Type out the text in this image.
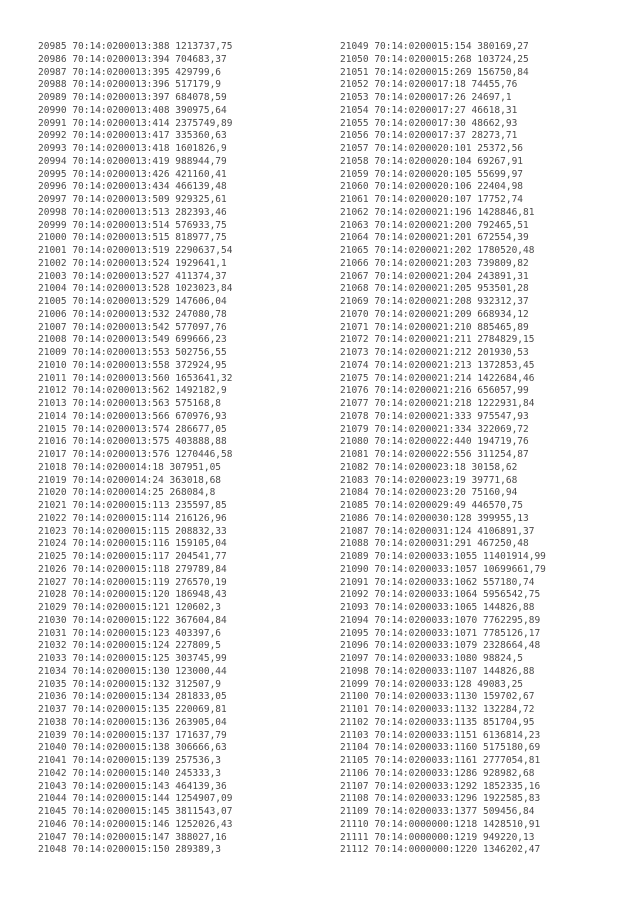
20985 70:14:0200013:388 1213737,75
20986 70:14:0200013:394 704683,37
20987 70:14:0200013:395 429799,6
20988 70:14:0200013:396 517179,9
20989 70:14:0200013:397 684078,59
20990 70:14:0200013:408 390975,64
20991 70:14:0200013:414 2375749,89
20992 70:14:0200013:417 335360,63
20993 70:14:0200013:418 1601826,9
20994 70:14:0200013:419 988944,79
20995 70:14:0200013:426 421160,41
20996 70:14:0200013:434 466139,48
20997 70:14:0200013:509 929325,61
20998 70:14:0200013:513 282393,46
20999 70:14:0200013:514 576933,75
21000 70:14:0200013:515 818977,75
21001 70:14:0200013:519 2290637,54
21002 70:14:0200013:524 1929641,1
21003 70:14:0200013:527 411374,37
21004 70:14:0200013:528 1023023,84
21005 70:14:0200013:529 147606,04
21006 70:14:0200013:532 247080,78
21007 70:14:0200013:542 577097,76
21008 70:14:0200013:549 699666,23
21009 70:14:0200013:553 502756,55
21010 70:14:0200013:558 372924,95
21011 70:14:0200013:560 1653641,32
21012 70:14:0200013:562 1492182,9
21013 70:14:0200013:563 575168,8
21014 70:14:0200013:566 670976,93
21015 70:14:0200013:574 286677,05
21016 70:14:0200013:575 403888,88
21017 70:14:0200013:576 1270446,58
21018 70:14:0200014:18 307951,05
21019 70:14:0200014:24 363018,68
21020 70:14:0200014:25 268084,8
21021 70:14:0200015:113 235597,85
21022 70:14:0200015:114 216126,96
21023 70:14:0200015:115 208832,33
21024 70:14:0200015:116 159105,04
21025 70:14:0200015:117 204541,77
21026 70:14:0200015:118 279789,84
21027 70:14:0200015:119 276570,19
21028 70:14:0200015:120 186948,43
21029 70:14:0200015:121 120602,3
21030 70:14:0200015:122 367604,84
21031 70:14:0200015:123 403397,6
21032 70:14:0200015:124 227809,5
21033 70:14:0200015:125 303745,99
21034 70:14:0200015:130 123000,44
21035 70:14:0200015:132 312507,9
21036 70:14:0200015:134 281833,05
21037 70:14:0200015:135 220069,81
21038 70:14:0200015:136 263905,04
21039 70:14:0200015:137 171637,79
21040 70:14:0200015:138 306666,63
21041 70:14:0200015:139 257536,3
21042 70:14:0200015:140 245333,3
21043 70:14:0200015:143 464139,36
21044 70:14:0200015:144 1254907,09
21045 70:14:0200015:145 3811543,07
21046 70:14:0200015:146 1252026,43
21047 70:14:0200015:147 388027,16
21048 70:14:0200015:150 289389,3
21049 70:14:0200015:154 380169,27
21050 70:14:0200015:268 103724,25
21051 70:14:0200015:269 156750,84
21052 70:14:0200017:18 74455,76
21053 70:14:0200017:26 24697,1
21054 70:14:0200017:27 46618,31
21055 70:14:0200017:30 48662,93
21056 70:14:0200017:37 28273,71
21057 70:14:0200020:101 25372,56
21058 70:14:0200020:104 69267,91
21059 70:14:0200020:105 55699,97
21060 70:14:0200020:106 22404,98
21061 70:14:0200020:107 17752,74
21062 70:14:0200021:196 1428846,81
21063 70:14:0200021:200 792465,51
21064 70:14:0200021:201 672554,39
21065 70:14:0200021:202 1780520,48
21066 70:14:0200021:203 739809,82
21067 70:14:0200021:204 243891,31
21068 70:14:0200021:205 953501,28
21069 70:14:0200021:208 932312,37
21070 70:14:0200021:209 668934,12
21071 70:14:0200021:210 885465,89
21072 70:14:0200021:211 2784829,15
21073 70:14:0200021:212 201930,53
21074 70:14:0200021:213 1372853,45
21075 70:14:0200021:214 1422684,46
21076 70:14:0200021:216 656057,99
21077 70:14:0200021:218 1222931,84
21078 70:14:0200021:333 975547,93
21079 70:14:0200021:334 322069,72
21080 70:14:0200022:440 194719,76
21081 70:14:0200022:556 311254,87
21082 70:14:0200023:18 30158,62
21083 70:14:0200023:19 39771,68
21084 70:14:0200023:20 75160,94
21085 70:14:0200029:49 446570,75
21086 70:14:0200030:128 399955,13
21087 70:14:0200031:124 4106891,37
21088 70:14:0200031:291 467250,48
21089 70:14:0200033:1055 11401914,99
21090 70:14:0200033:1057 10699661,79
21091 70:14:0200033:1062 557180,74
21092 70:14:0200033:1064 5956542,75
21093 70:14:0200033:1065 144826,88
21094 70:14:0200033:1070 7762295,89
21095 70:14:0200033:1071 7785126,17
21096 70:14:0200033:1079 2328664,48
21097 70:14:0200033:1080 98824,5
21098 70:14:0200033:1107 144826,88
21099 70:14:0200033:128 49083,25
21100 70:14:0200033:1130 159702,67
21101 70:14:0200033:1132 132284,72
21102 70:14:0200033:1135 851704,95
21103 70:14:0200033:1151 6136814,23
21104 70:14:0200033:1160 5175180,69
21105 70:14:0200033:1161 2777054,81
21106 70:14:0200033:1286 928982,68
21107 70:14:0200033:1292 1852335,16
21108 70:14:0200033:1296 1922585,83
21109 70:14:0200033:1377 509456,84
21110 70:14:0000000:1218 1428510,91
21111 70:14:0000000:1219 949220,13
21112 70:14:0000000:1220 1346202,47
